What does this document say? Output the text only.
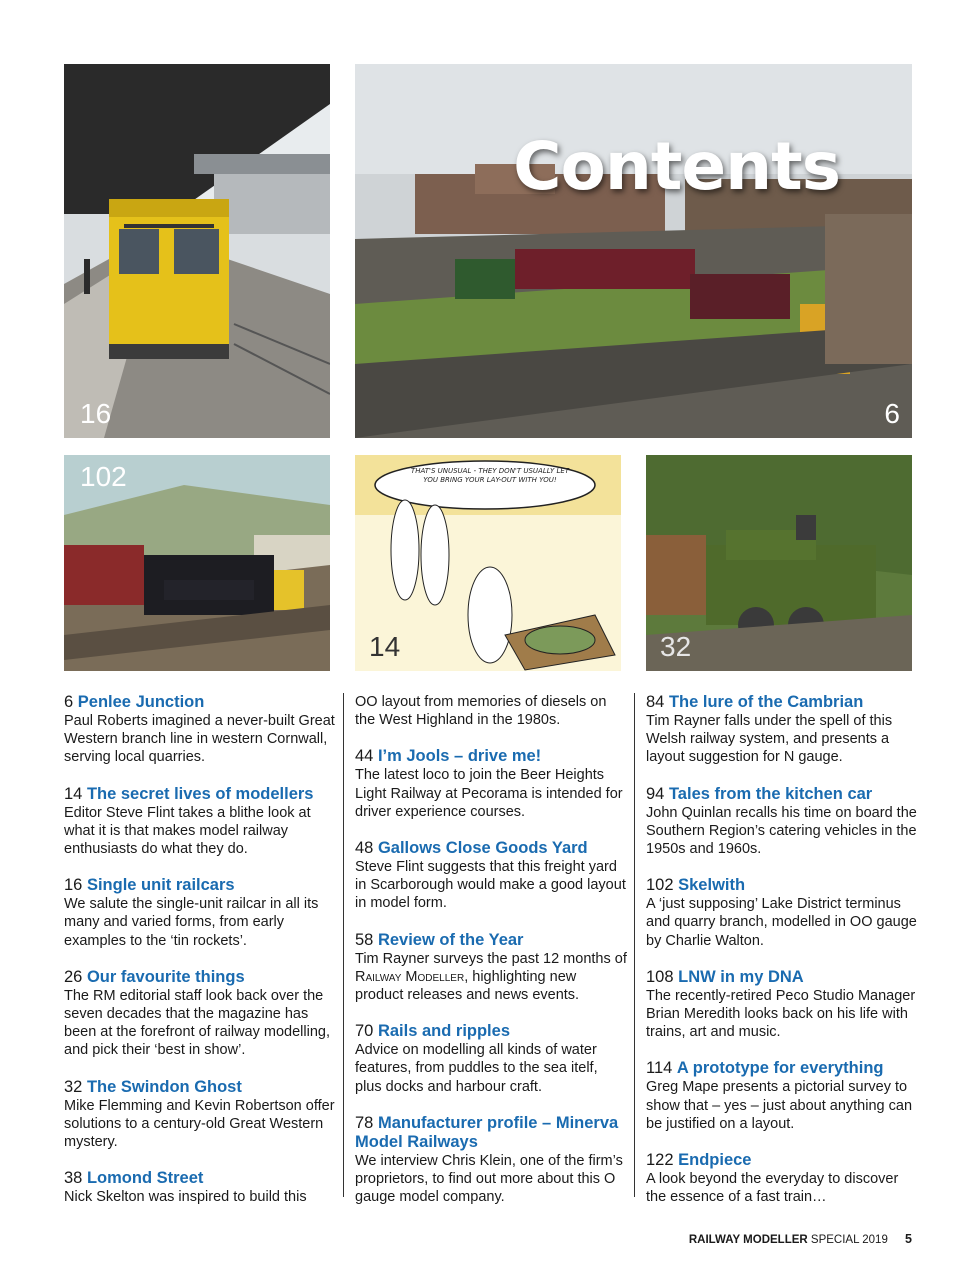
16
Contents
6
102	THAT'S UNUSUAL - THEY DON'T USUALLY LET YOU BRING YOUR LAY-OUT WITH YOU!
14	32
6 Penlee Junction
Paul Roberts imagined a never-built Great Western branch line in western Cornwall, serving local quarries.
14 The secret lives of modellers
Editor Steve Flint takes a blithe look at what it is that makes model railway enthusiasts do what they do.
16 Single unit railcars
We salute the single-unit railcar in all its many and varied forms, from early examples to the ‘tin rockets’.
26 Our favourite things
The RM editorial staff look back over the seven decades that the magazine has been at the forefront of railway modelling, and pick their ‘best in show’.
32 The Swindon Ghost
Mike Flemming and Kevin Robertson offer solutions to a century-old Great Western mystery.
38 Lomond Street
Nick Skelton was inspired to build this
OO layout from memories of diesels on the West Highland in the 1980s.
44 I’m Jools – drive me!
The latest loco to join the Beer Heights Light Railway at Pecorama is intended for driver experience courses.
48 Gallows Close Goods Yard
Steve Flint suggests that this freight yard in Scarborough would make a good layout in model form.
58 Review of the Year
Tim Rayner surveys the past 12 months of Railway Modeller, highlighting new product releases and news events.
70 Rails and ripples
Advice on modelling all kinds of water features, from puddles to the sea itelf, plus docks and harbour craft.
78 Manufacturer profile – Minerva Model Railways
We interview Chris Klein, one of the firm’s proprietors, to find out more about this O gauge model company.
84 The lure of the Cambrian
Tim Rayner falls under the spell of this Welsh railway system, and presents a layout suggestion for N gauge.
94 Tales from the kitchen car
John Quinlan recalls his time on board the Southern Region’s catering vehicles in the 1950s and 1960s.
102 Skelwith
A ‘just supposing’ Lake District terminus and quarry branch, modelled in OO gauge by Charlie Walton.
108 LNW in my DNA
The recently-retired Peco Studio Manager Brian Meredith looks back on his life with trains, art and music.
114 A prototype for everything
Greg Mape presents a pictorial survey to show that – yes – just about anything can be justified on a layout.
122 Endpiece
A look beyond the everyday to discover the essence of a fast train…
RAILWAY MODELLER SPECIAL 2019 5
